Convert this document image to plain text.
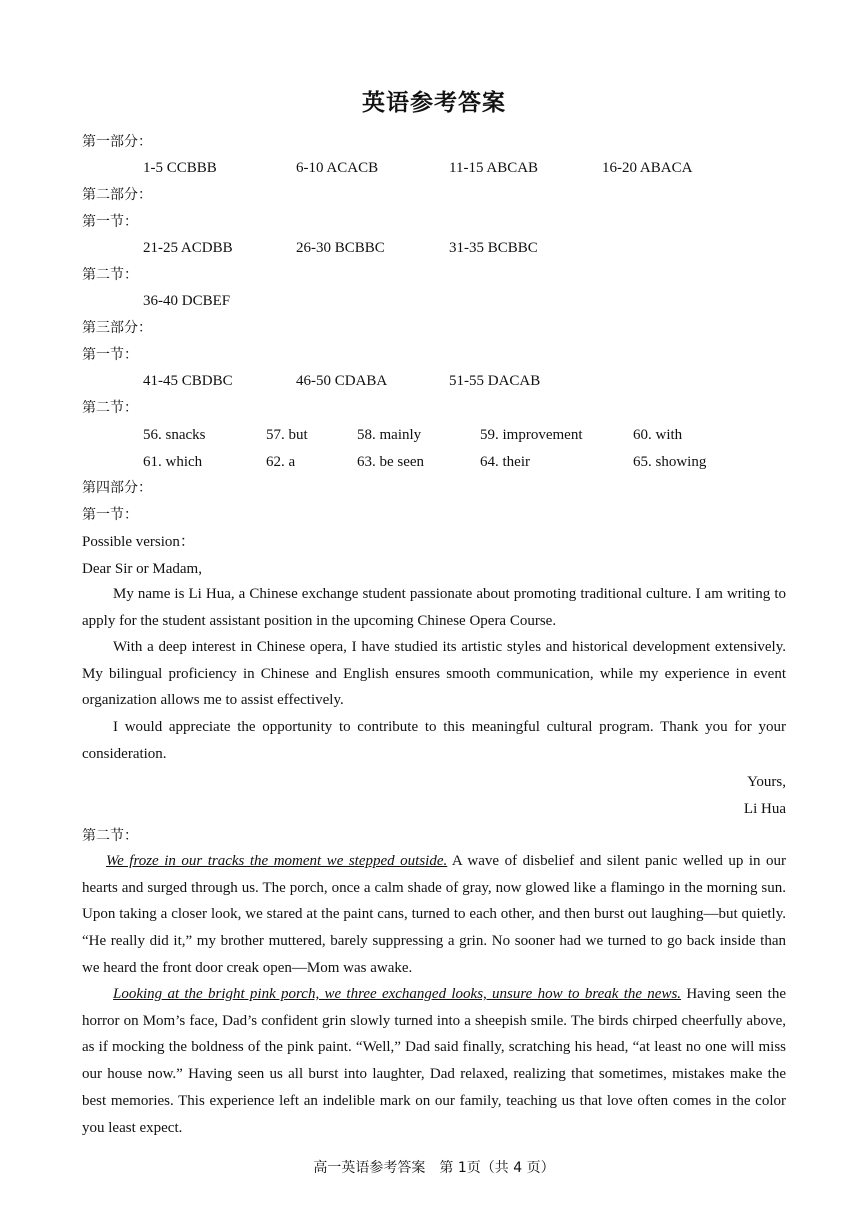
英语参考答案
第一部分：
1-5 CCBBB	6-10 ACACB	11-15 ABCAB	16-20 ABACA
第二部分：
第一节：
21-25 ACDBB	26-30 BCBBC	31-35 BCBBC
第二节：
36-40 DCBEF
第三部分：
第一节：
41-45 CBDBC	46-50 CDABA	51-55 DACAB
第二节：
56. snacks	57. but	58. mainly	59. improvement	60. with
61. which	62. a	63. be seen	64. their	65. showing
第四部分：
第一节：
Possible version：
Dear Sir or Madam,
My name is Li Hua, a Chinese exchange student passionate about promoting traditional culture. I am writing to apply for the student assistant position in the upcoming Chinese Opera Course.
With a deep interest in Chinese opera, I have studied its artistic styles and historical development extensively. My bilingual proficiency in Chinese and English ensures smooth communication, while my experience in event organization allows me to assist effectively.
I would appreciate the opportunity to contribute to this meaningful cultural program. Thank you for your consideration.
Yours,
Li Hua
第二节：
We froze in our tracks the moment we stepped outside. A wave of disbelief and silent panic welled up in our hearts and surged through us. The porch, once a calm shade of gray, now glowed like a flamingo in the morning sun. Upon taking a closer look, we stared at the paint cans, turned to each other, and then burst out laughing—but quietly. “He really did it,” my brother muttered, barely suppressing a grin. No sooner had we turned to go back inside than we heard the front door creak open—Mom was awake.
Looking at the bright pink porch, we three exchanged looks, unsure how to break the news. Having seen the horror on Mom’s face, Dad’s confident grin slowly turned into a sheepish smile. The birds chirped cheerfully above, as if mocking the boldness of the pink paint. “Well,” Dad said finally, scratching his head, “at least no one will miss our house now.” Having seen us all burst into laughter, Dad relaxed, realizing that sometimes, mistakes make the best memories. This experience left an indelible mark on our family, teaching us that love often comes in the color you least expect.
高一英语参考答案　第 1页（共 4 页）
